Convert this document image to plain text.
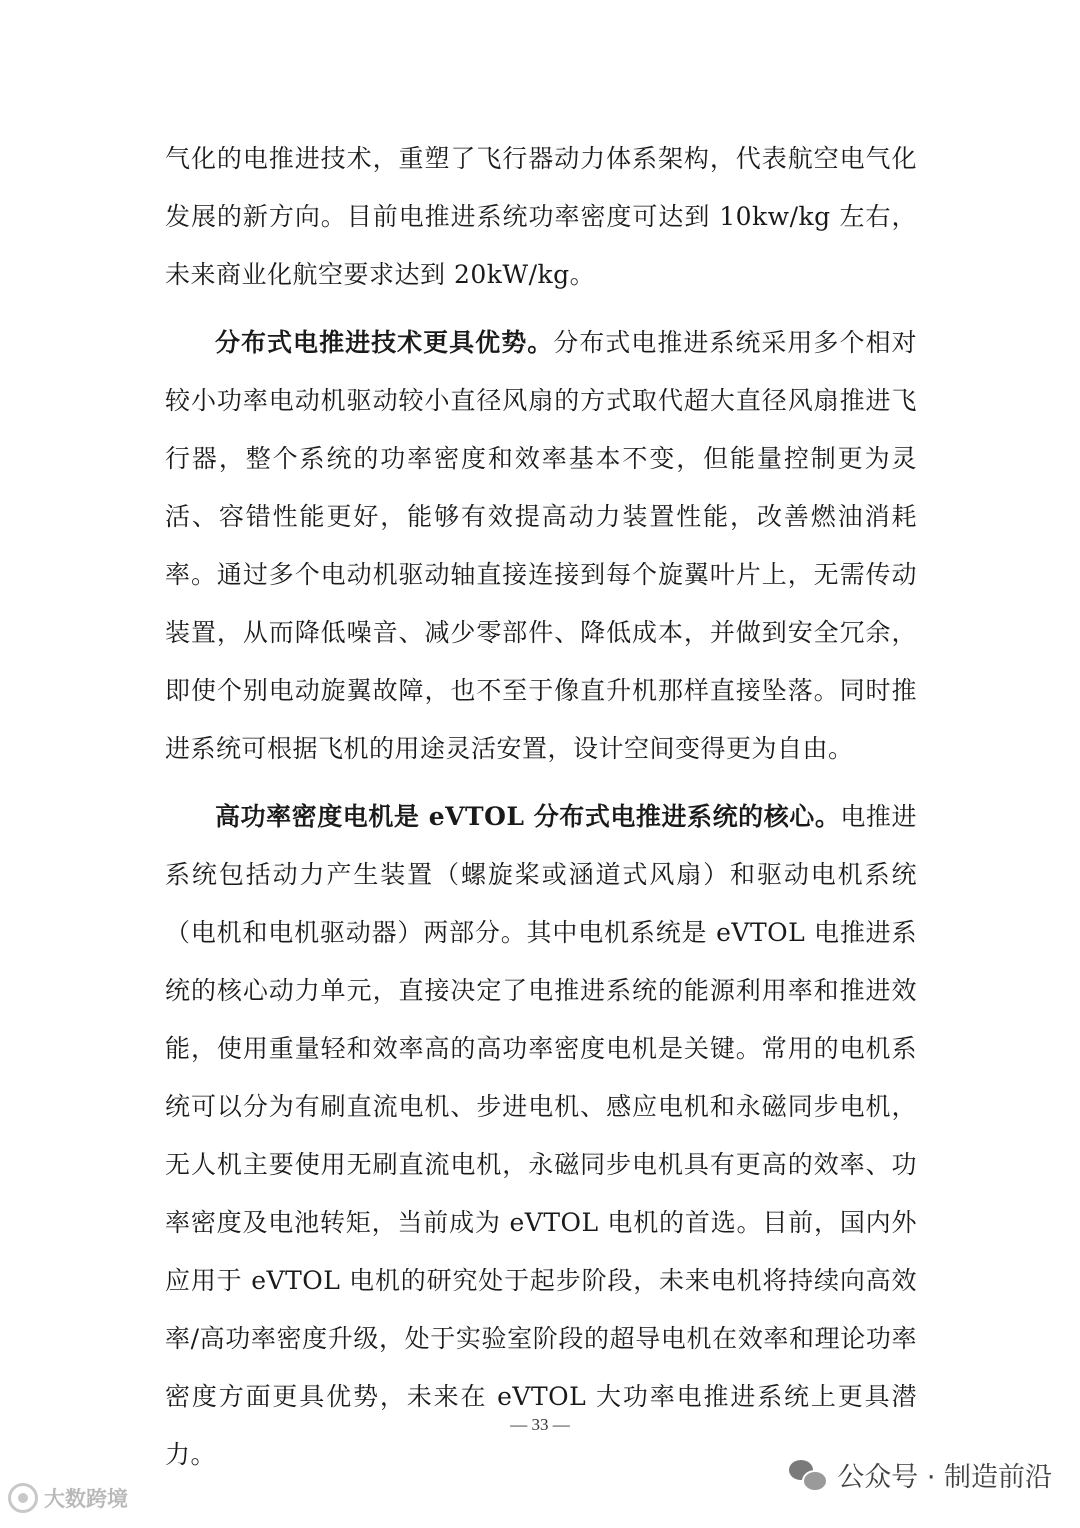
气化的电推进技术，重塑了飞行器动力体系架构，代表航空电气化发展的新方向。目前电推进系统功率密度可达到 10kw/kg 左右，未来商业化航空要求达到 20kW/kg。

分布式电推进技术更具优势。分布式电推进系统采用多个相对较小功率电动机驱动较小直径风扇的方式取代超大直径风扇推进飞行器，整个系统的功率密度和效率基本不变，但能量控制更为灵活、容错性能更好，能够有效提高动力装置性能，改善燃油消耗率。通过多个电动机驱动轴直接连接到每个旋翼叶片上，无需传动装置，从而降低噪音、减少零部件、降低成本，并做到安全冗余，即使个别电动旋翼故障，也不至于像直升机那样直接坠落。同时推进系统可根据飞机的用途灵活安置，设计空间变得更为自由。

高功率密度电机是 eVTOL 分布式电推进系统的核心。电推进系统包括动力产生装置（螺旋桨或涵道式风扇）和驱动电机系统（电机和电机驱动器）两部分。其中电机系统是 eVTOL 电推进系统的核心动力单元，直接决定了电推进系统的能源利用率和推进效能，使用重量轻和效率高的高功率密度电机是关键。常用的电机系统可以分为有刷直流电机、步进电机、感应电机和永磁同步电机，无人机主要使用无刷直流电机，永磁同步电机具有更高的效率、功率密度及电池转矩，当前成为 eVTOL 电机的首选。目前，国内外应用于 eVTOL 电机的研究处于起步阶段，未来电机将持续向高效率/高功率密度升级，处于实验室阶段的超导电机在效率和理论功率密度方面更具优势，未来在 eVTOL 大功率电推进系统上更具潜力。

— 33 —
大数跨境
公众号 · 制造前沿
